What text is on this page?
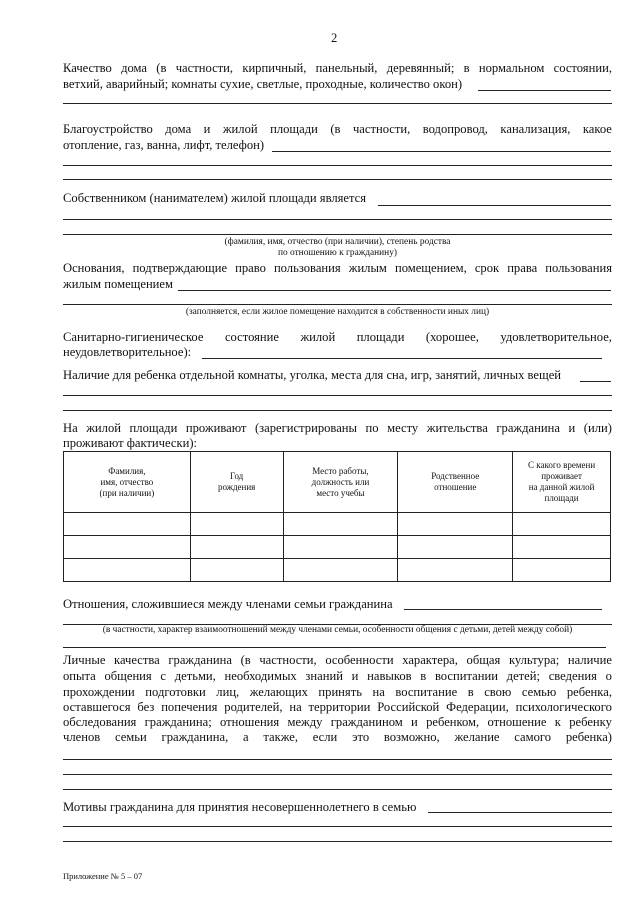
2
Качество дома (в частности, кирпичный, панельный, деревянный; в нормальном состоянии,
ветхий, аварийный; комнаты сухие, светлые, проходные, количество окон)
Благоустройство дома и жилой площади (в частности, водопровод, канализация, какое
отопление, газ, ванна, лифт, телефон)
Собственником (нанимателем) жилой площади является
(фамилия, имя, отчество (при наличии), степень родства
по отношению к гражданину)
Основания, подтверждающие право пользования жилым помещением, срок права пользования
жилым помещением
(заполняется, если жилое помещение находится в собственности иных лиц)
Санитарно-гигиеническое состояние жилой площади (хорошее, удовлетворительное,
неудовлетворительное):
Наличие для ребенка отдельной комнаты, уголка, места для сна, игр, занятий, личных вещей
На жилой площади проживают (зарегистрированы по месту жительства гражданина и (или)
проживают фактически):
Фамилия,
имя, отчество
(при наличии)	Год
рождения	Место работы,
должность или
место учебы	Родственное
отношение	С какого времени
проживает
на данной жилой
площади

Отношения, сложившиеся между членами семьи гражданина
(в частности, характер взаимоотношений между членами семьи, особенности общения с детьми, детей между собой)
Личные качества гражданина (в частности, особенности характера, общая культура; наличие
опыта общения с детьми, необходимых знаний и навыков в воспитании детей; сведения о
прохождении подготовки лиц, желающих принять на воспитание в свою семью ребенка,
оставшегося без попечения родителей, на территории Российской Федерации, психологического
обследования гражданина; отношения между гражданином и ребенком, отношение к ребенку
членов семьи гражданина, а также, если это возможно, желание самого ребенка)
Мотивы гражданина для принятия несовершеннолетнего в семью
Приложение № 5 – 07
